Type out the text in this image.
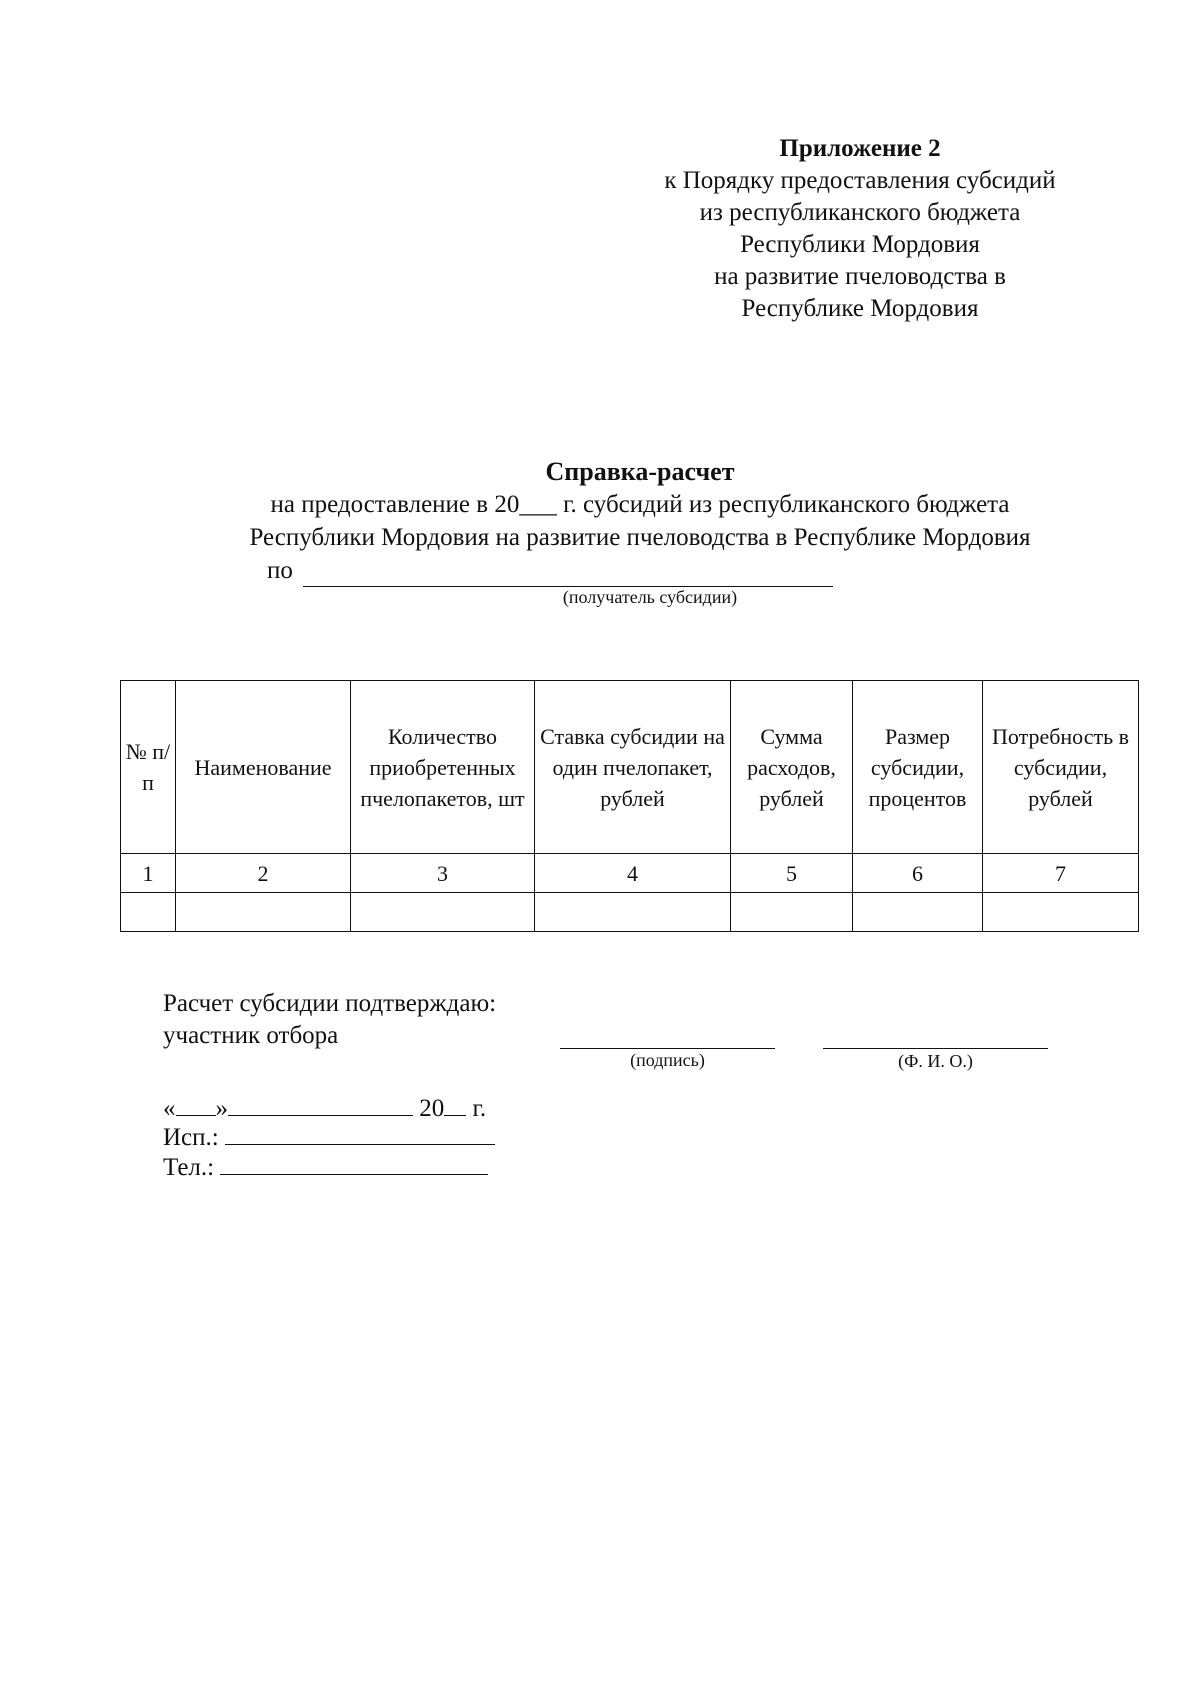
Приложение 2
к Порядку предоставления субсидий
из республиканского бюджета
Республики Мордовия
на развитие пчеловодства в
Республике Мордовия
Справка-расчет
на предоставление в 20___ г. субсидий из республиканского бюджета
Республики Мордовия на развитие пчеловодства в Республике Мордовия
по
(получатель субсидии)
№ п/п	Наименование	Количество приобретенных пчелопакетов, шт	Ставка субсидии на один пчелопакет, рублей	Сумма расходов, рублей	Размер субсидии, процентов	Потребность в субсидии, рублей
1	2	3	4	5	6	7

Расчет субсидии подтверждаю:
участник отбора
(подпись)	(Ф. И. О.)
« »	20 г.
Исп.:
Тел.:
